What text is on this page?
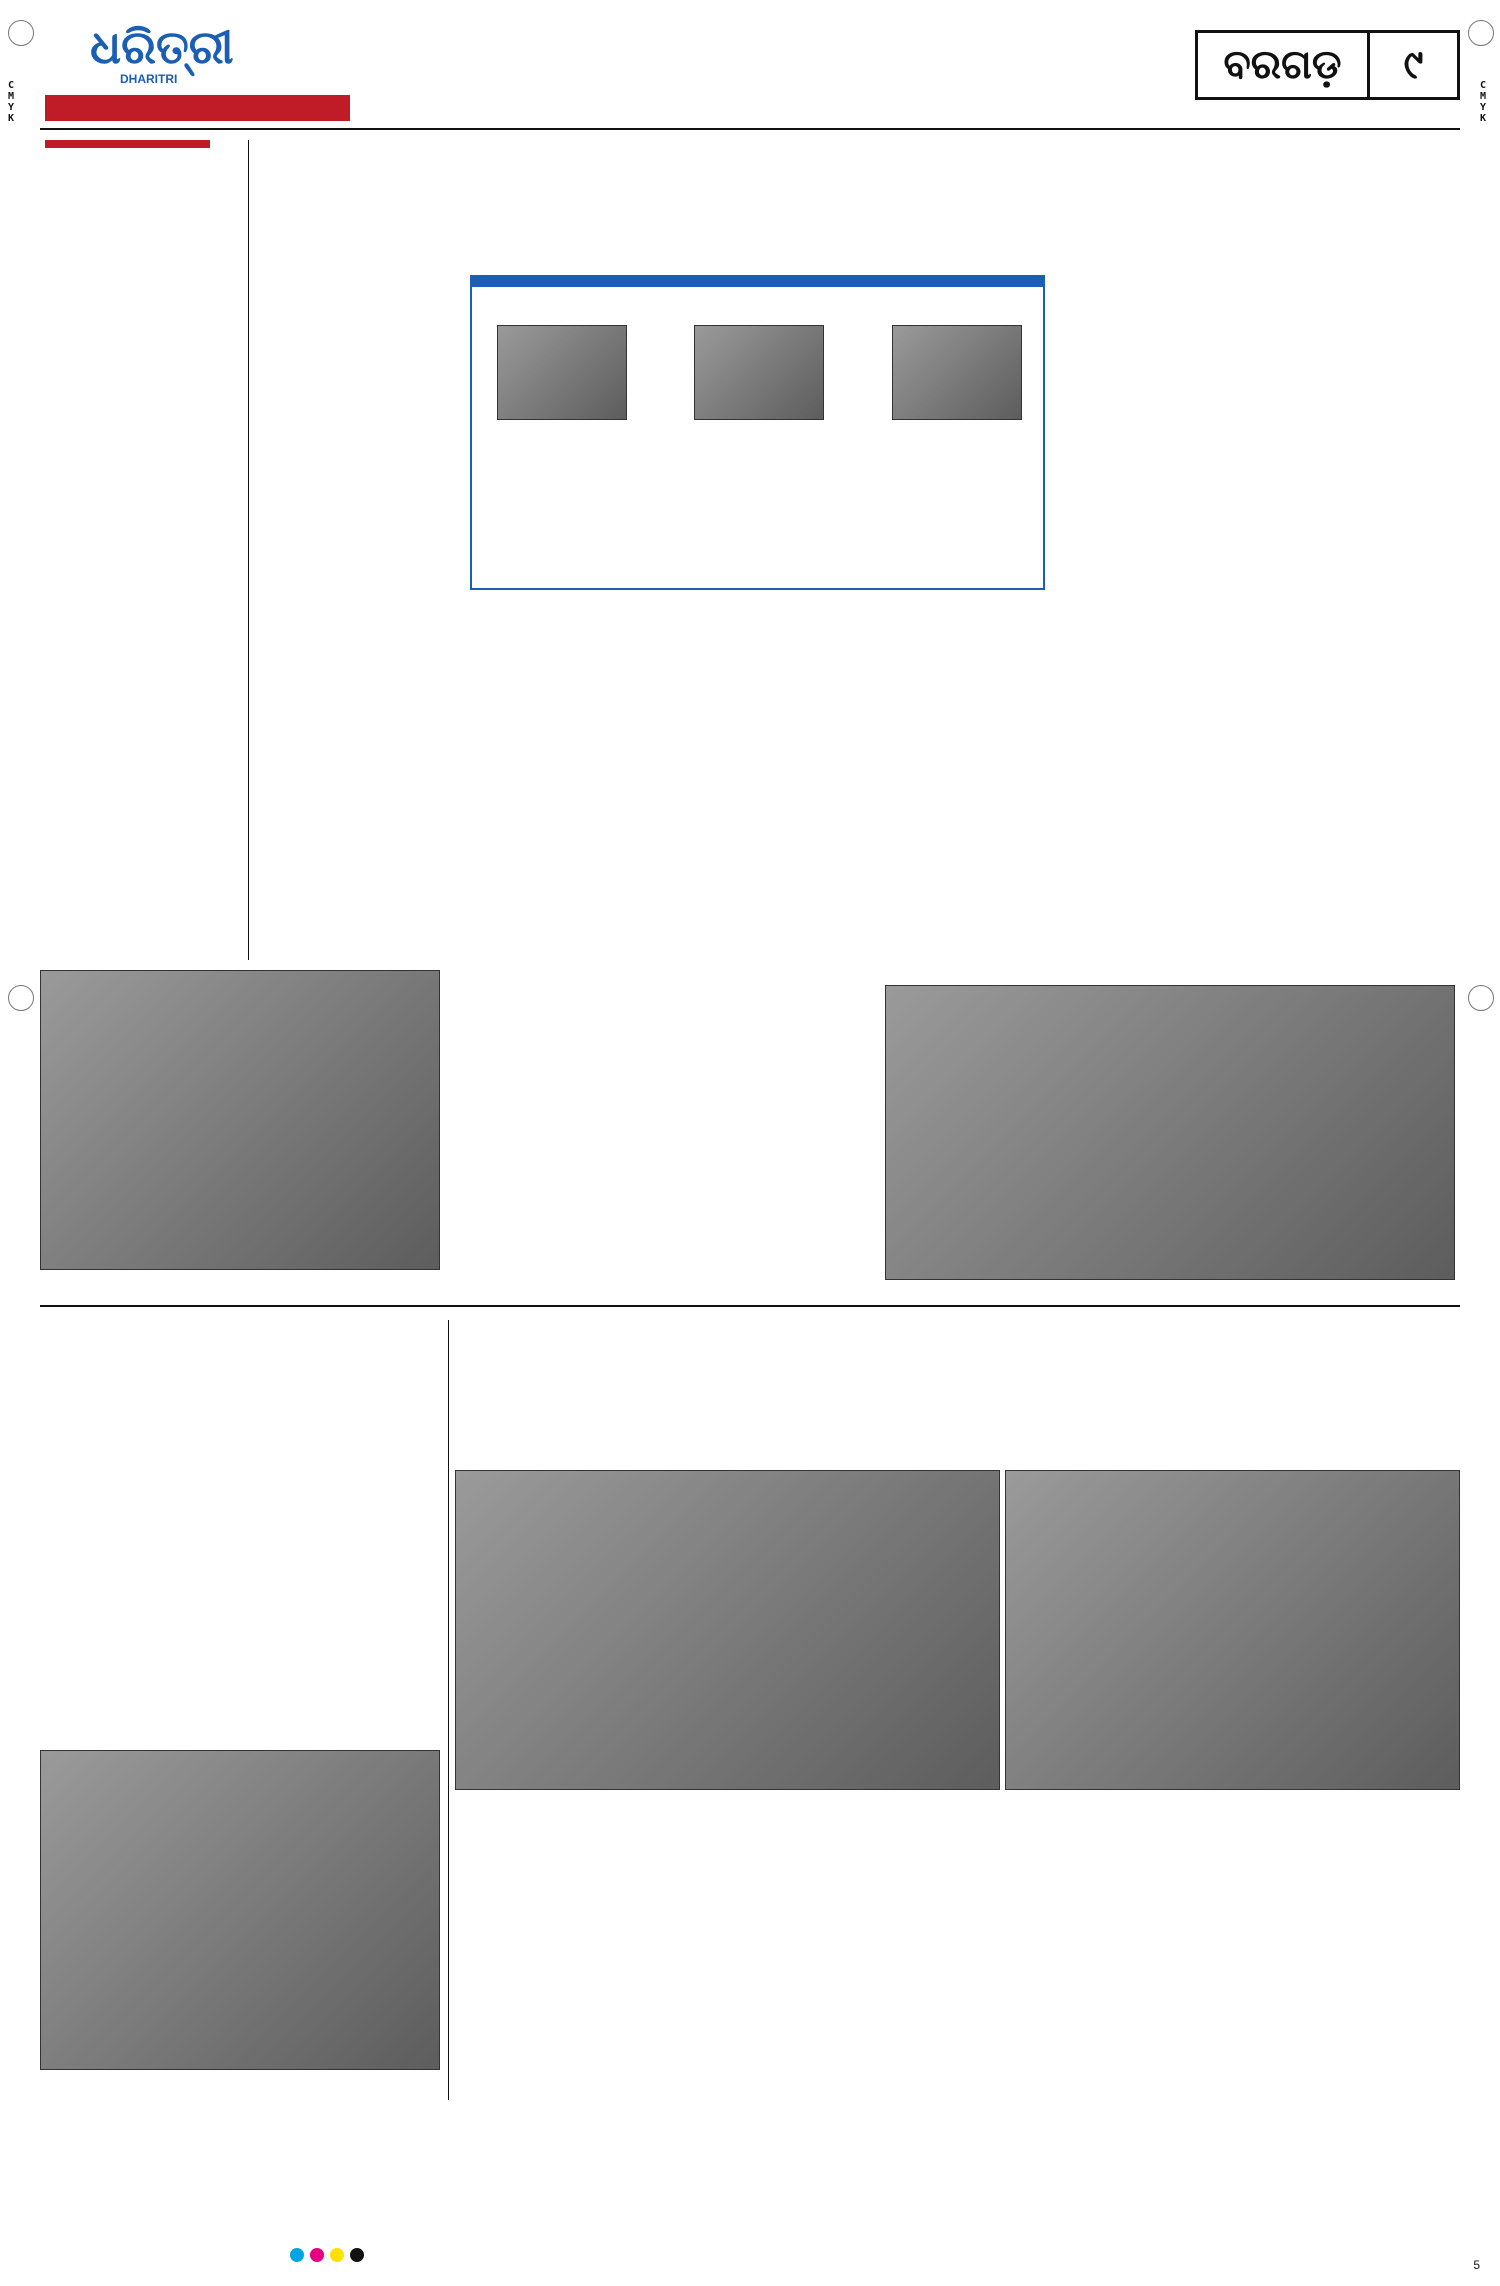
ଧରିତ୍ରୀ
DHARITRI	ବରଗଡ଼	୯
C M Y K
C M Y K
5
